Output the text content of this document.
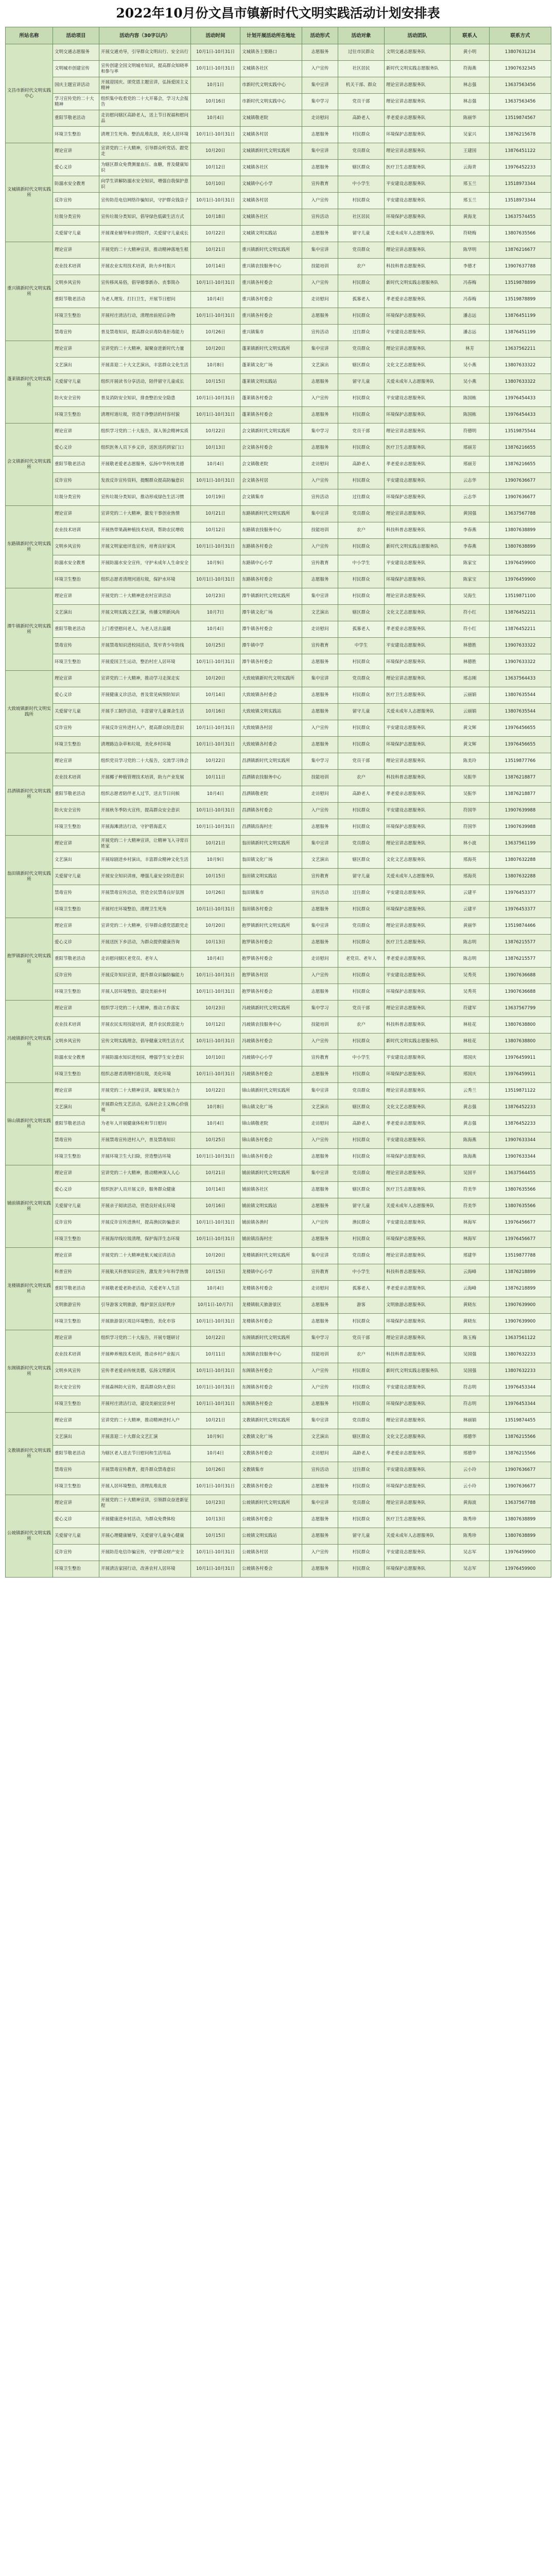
2022年10月份文昌市镇新时代文明实践活动计划安排表
所站名称	活动项目	活动内容（30字以内）	活动时间	计划开展活动所在地址	活动形式	活动对象	活动团队	联系人	联系方式
文昌市新时代文明实践中心	文明交通志愿服务	开展交通劝导，引导群众文明出行、安全出行	10月1日-10月31日	文城镇各主要路口	志愿服务	过往市民群众	文明交通志愿服务队	黄小明	13807631234
	文明城市创建宣传	宣传创建全国文明城市知识，提高群众知晓率和参与率	10月1日-10月31日	文城镇各社区	入户宣传	社区居民	新时代文明实践志愿服务队	符海燕	13907632345
	国庆主题宣讲活动	开展迎国庆、颂党恩主题宣讲，弘扬爱国主义精神	10月1日	市新时代文明实践中心	集中宣讲	机关干部、群众	理论宣讲志愿服务队	林志强	13637563456
	学习宣传党的二十大精神	组织集中收看党的二十大开幕会，学习大会报告	10月16日	市新时代文明实践中心	集中学习	党员干部	理论宣讲志愿服务队	林志强	13637563456
	重阳节敬老活动	走访慰问辖区高龄老人，送上节日祝福和慰问品	10月4日	文城镇敬老院	走访慰问	高龄老人	孝老爱亲志愿服务队	陈丽华	13519874567
	环境卫生整治	清理卫生死角、整治乱堆乱放，美化人居环境	10月1日-10月31日	文城镇各村居	志愿服务	村民群众	环境保护志愿服务队	吴家兴	13876215678
文城镇新时代文明实践所	理论宣讲	宣讲党的二十大精神，引导群众听党话、跟党走	10月20日	文城镇新时代文明实践所	集中宣讲	党员群众	理论宣讲志愿服务队	王建国	13876451122
	爱心义诊	为辖区群众免费测量血压、血糖，普及健康知识	10月12日	文城镇各社区	志愿服务	辖区群众	医疗卫生志愿服务队	云海青	13976452233
	防溺水安全教育	向学生讲解防溺水安全知识，增强自我保护意识	10月10日	文城镇中心小学	宣传教育	中小学生	平安建设志愿服务队	邢玉兰	13518973344
	反诈宣传	宣传防范电信网络诈骗知识，守护群众钱袋子	10月1日-10月31日	文城镇各村居	入户宣传	村民群众	平安建设志愿服务队	邢玉兰	13518973344
	垃圾分类宣传	宣传垃圾分类知识，倡导绿色低碳生活方式	10月18日	文城镇各社区	宣传活动	社区居民	环境保护志愿服务队	黄海龙	13637574455
	关爱留守儿童	开展课业辅导和亲情陪伴，关爱留守儿童成长	10月22日	文城镇文明实践站	志愿服务	留守儿童	关爱未成年人志愿服务队	符晓梅	13807635566
重兴镇新时代文明实践所	理论宣讲	开展党的二十大精神宣讲，推动精神落地生根	10月21日	重兴镇新时代文明实践所	集中宣讲	党员群众	理论宣讲志愿服务队	陈华明	13876216677
	农业技术培训	开展农业实用技术培训，助力乡村振兴	10月14日	重兴镇农技服务中心	技能培训	农户	科技科普志愿服务队	李德才	13907637788
	文明乡风宣传	宣传移风易俗，倡导婚事新办、丧事简办	10月1日-10月31日	重兴镇各村委会	入户宣传	村民群众	新时代文明实践志愿服务队	冯春梅	13519878899
	重阳节敬老活动	为老人理发、打扫卫生，开展节日慰问	10月4日	重兴镇各村委会	走访慰问	孤寡老人	孝老爱亲志愿服务队	冯春梅	13519878899
	环境卫生整治	开展村庄清洁行动，清理房前屋后杂物	10月1日-10月31日	重兴镇各村委会	志愿服务	村民群众	环境保护志愿服务队	潘志远	13876451199
	禁毒宣传	普及禁毒知识，提高群众识毒防毒拒毒能力	10月26日	重兴镇集市	宣传活动	过往群众	平安建设志愿服务队	潘志远	13876451199
蓬莱镇新时代文明实践所	理论宣讲	宣讲党的二十大精神，凝聚奋进新时代力量	10月20日	蓬莱镇新时代文明实践所	集中宣讲	党员群众	理论宣讲志愿服务队	林芳	13637562211
	文艺演出	开展喜迎二十大文艺演出，丰富群众文化生活	10月8日	蓬莱镇文化广场	文艺演出	辖区群众	文化文艺志愿服务队	吴小燕	13807633322
	关爱留守儿童	组织开展读书分享活动，陪伴留守儿童成长	10月15日	蓬莱镇文明实践站	志愿服务	留守儿童	关爱未成年人志愿服务队	吴小燕	13807633322
	防火安全宣传	普及消防安全知识，排查整治安全隐患	10月1日-10月31日	蓬莱镇各村委会	入户宣传	村民群众	平安建设志愿服务队	陈国栋	13976454433
	环境卫生整治	清理村道垃圾，营造干净整洁的村容村貌	10月1日-10月31日	蓬莱镇各村委会	志愿服务	村民群众	环境保护志愿服务队	陈国栋	13976454433
会文镇新时代文明实践所	理论宣讲	组织学习党的二十大报告，深入领会精神实质	10月22日	会文镇新时代文明实践所	集中学习	党员干部	理论宣讲志愿服务队	符德明	13519875544
	爱心义诊	组织医务人员下乡义诊，送医送药到家门口	10月13日	会文镇各村委会	志愿服务	村民群众	医疗卫生志愿服务队	邢丽芳	13876216655
	重阳节敬老活动	开展敬老爱老志愿服务，弘扬中华传统美德	10月4日	会文镇敬老院	走访慰问	高龄老人	孝老爱亲志愿服务队	邢丽芳	13876216655
	反诈宣传	发放反诈宣传资料，提醒群众提高防骗意识	10月1日-10月31日	会文镇各村居	入户宣传	村民群众	平安建设志愿服务队	云志华	13907636677
	垃圾分类宣传	宣传垃圾分类知识，推动形成绿色生活习惯	10月19日	会文镇集市	宣传活动	过往群众	环境保护志愿服务队	云志华	13907636677
东路镇新时代文明实践所	理论宣讲	宣讲党的二十大精神，激发干事创业热情	10月21日	东路镇新时代文明实践所	集中宣讲	党员群众	理论宣讲志愿服务队	黄国强	13637567788
	农业技术培训	开展热带果蔬种植技术培训，帮助农民增收	10月12日	东路镇农技服务中心	技能培训	农户	科技科普志愿服务队	李春燕	13807638899
	文明乡风宣传	开展文明家庭评选宣传，培育良好家风	10月1日-10月31日	东路镇各村委会	入户宣传	村民群众	新时代文明实践志愿服务队	李春燕	13807638899
	防溺水安全教育	开展防溺水安全宣传，守护未成年人生命安全	10月9日	东路镇中心小学	宣传教育	中小学生	平安建设志愿服务队	陈家宝	13976459900
	环境卫生整治	组织志愿者清理河道垃圾，保护水环境	10月1日-10月31日	东路镇各村委会	志愿服务	村民群众	环境保护志愿服务队	陈家宝	13976459900
潭牛镇新时代文明实践所	理论宣讲	开展党的二十大精神进农村宣讲活动	10月23日	潭牛镇新时代文明实践所	集中宣讲	村民群众	理论宣讲志愿服务队	吴海生	13519871100
	文艺演出	开展文明实践文艺汇演，传播文明新风尚	10月7日	潭牛镇文化广场	文艺演出	辖区群众	文化文艺志愿服务队	符小红	13876452211
	重阳节敬老活动	上门看望慰问老人，为老人送去温暖	10月4日	潭牛镇各村委会	走访慰问	孤寡老人	孝老爱亲志愿服务队	符小红	13876452211
	禁毒宣传	开展禁毒知识进校园活动，筑牢青少年防线	10月25日	潭牛镇中学	宣传教育	中学生	平安建设志愿服务队	林德胜	13907633322
	环境卫生整治	开展爱国卫生运动，整治村庄人居环境	10月1日-10月31日	潭牛镇各村委会	志愿服务	村民群众	环境保护志愿服务队	林德胜	13907633322
大致坡镇新时代文明实践所	理论宣讲	宣讲党的二十大精神，推动学习走深走实	10月20日	大致坡镇新时代文明实践所	集中宣讲	党员群众	理论宣讲志愿服务队	邢志刚	13637564433
	爱心义诊	开展健康义诊活动，普及常见病预防知识	10月14日	大致坡镇各村委会	志愿服务	村民群众	医疗卫生志愿服务队	云丽娟	13807635544
	关爱留守儿童	开展手工制作活动，丰富留守儿童课余生活	10月16日	大致坡镇文明实践站	志愿服务	留守儿童	关爱未成年人志愿服务队	云丽娟	13807635544
	反诈宣传	开展反诈宣传进村入户，提高群众防范意识	10月1日-10月31日	大致坡镇各村居	入户宣传	村民群众	平安建设志愿服务队	黄文辉	13976456655
	环境卫生整治	清理路边杂草和垃圾，美化乡村环境	10月1日-10月31日	大致坡镇各村委会	志愿服务	村民群众	环境保护志愿服务队	黄文辉	13976456655
昌洒镇新时代文明实践所	理论宣讲	组织党员学习党的二十大报告，交流学习体会	10月22日	昌洒镇新时代文明实践所	集中学习	党员干部	理论宣讲志愿服务队	陈美玲	13519877766
	农业技术培训	开展椰子种植管理技术培训，助力产业发展	10月11日	昌洒镇农技服务中心	技能培训	农户	科技科普志愿服务队	吴振华	13876218877
	重阳节敬老活动	组织志愿者陪伴老人过节，送去节日问候	10月4日	昌洒镇敬老院	走访慰问	高龄老人	孝老爱亲志愿服务队	吴振华	13876218877
	防火安全宣传	开展秋冬季防火宣传，提高群众安全意识	10月1日-10月31日	昌洒镇各村委会	入户宣传	村民群众	平安建设志愿服务队	符国华	13907639988
	环境卫生整治	开展海滩清洁行动，守护碧海蓝天	10月1日-10月31日	昌洒镇沿海村庄	志愿服务	村民群众	环境保护志愿服务队	符国华	13907639988
翁田镇新时代文明实践所	理论宣讲	开展党的二十大精神宣讲，让精神飞入寻常百姓家	10月21日	翁田镇新时代文明实践所	集中宣讲	党员群众	理论宣讲志愿服务队	林小波	13637561199
	文艺演出	开展琼剧进乡村演出，丰富群众精神文化生活	10月9日	翁田镇文化广场	文艺演出	辖区群众	文化文艺志愿服务队	邢海英	13807632288
	关爱留守儿童	开展安全知识讲座，增强儿童安全防范意识	10月15日	翁田镇文明实践站	宣传教育	留守儿童	关爱未成年人志愿服务队	邢海英	13807632288
	禁毒宣传	开展禁毒宣传活动，营造全民禁毒良好氛围	10月26日	翁田镇集市	宣传活动	过往群众	平安建设志愿服务队	云建平	13976453377
	环境卫生整治	开展村庄环境整治，清理卫生死角	10月1日-10月31日	翁田镇各村委会	志愿服务	村民群众	环境保护志愿服务队	云建平	13976453377
抱罗镇新时代文明实践所	理论宣讲	宣讲党的二十大精神，引导群众感党恩跟党走	10月20日	抱罗镇新时代文明实践所	集中宣讲	党员群众	理论宣讲志愿服务队	黄丽华	13519874466
	爱心义诊	开展送医下乡活动，为群众提供健康咨询	10月13日	抱罗镇各村委会	志愿服务	村民群众	医疗卫生志愿服务队	陈志明	13876215577
	重阳节敬老活动	走访慰问辖区老党员、老年人	10月4日	抱罗镇各村委会	走访慰问	老党员、老年人	孝老爱亲志愿服务队	陈志明	13876215577
	反诈宣传	开展反诈知识宣讲，提升群众识骗防骗能力	10月1日-10月31日	抱罗镇各村居	入户宣传	村民群众	平安建设志愿服务队	吴秀英	13907636688
	环境卫生整治	开展人居环境整治，建设美丽乡村	10月1日-10月31日	抱罗镇各村委会	志愿服务	村民群众	环境保护志愿服务队	吴秀英	13907636688
冯坡镇新时代文明实践所	理论宣讲	组织学习党的二十大精神，推动工作落实	10月23日	冯坡镇新时代文明实践所	集中学习	党员干部	理论宣讲志愿服务队	符建军	13637567799
	农业技术培训	开展农民实用技能培训，提升农民致富能力	10月12日	冯坡镇农技服务中心	技能培训	农户	科技科普志愿服务队	林桂花	13807638800
	文明乡风宣传	宣传文明实践理念，倡导健康文明生活方式	10月1日-10月31日	冯坡镇各村委会	入户宣传	村民群众	新时代文明实践志愿服务队	林桂花	13807638800
	防溺水安全教育	开展防溺水知识进校园，增强学生安全意识	10月10日	冯坡镇中心小学	宣传教育	中小学生	平安建设志愿服务队	邢国庆	13976459911
	环境卫生整治	组织志愿者清理村道垃圾，美化环境	10月1日-10月31日	冯坡镇各村委会	志愿服务	村民群众	环境保护志愿服务队	邢国庆	13976459911
锦山镇新时代文明实践所	理论宣讲	开展党的二十大精神宣讲，凝聚发展合力	10月22日	锦山镇新时代文明实践所	集中宣讲	党员群众	理论宣讲志愿服务队	云秀兰	13519871122
	文艺演出	开展群众性文艺活动，弘扬社会主义核心价值观	10月8日	锦山镇文化广场	文艺演出	辖区群众	文化文艺志愿服务队	黄志强	13876452233
	重阳节敬老活动	为老年人开展健康体检和节日慰问	10月4日	锦山镇敬老院	走访慰问	高龄老人	孝老爱亲志愿服务队	黄志强	13876452233
	禁毒宣传	开展禁毒宣传进村入户，普及禁毒知识	10月25日	锦山镇各村委会	入户宣传	村民群众	平安建设志愿服务队	陈海燕	13907633344
	环境卫生整治	开展环境卫生大扫除，营造整洁环境	10月1日-10月31日	锦山镇各村委会	志愿服务	村民群众	环境保护志愿服务队	陈海燕	13907633344
铺前镇新时代文明实践所	理论宣讲	宣讲党的二十大精神，推动精神深入人心	10月21日	铺前镇新时代文明实践所	集中宣讲	党员群众	理论宣讲志愿服务队	吴国平	13637564455
	爱心义诊	组织医护人员开展义诊，服务群众健康	10月14日	铺前镇各社区	志愿服务	辖区群众	医疗卫生志愿服务队	符美华	13807635566
	关爱留守儿童	开展亲子阅读活动，营造良好成长环境	10月16日	铺前镇文明实践站	志愿服务	留守儿童	关爱未成年人志愿服务队	符美华	13807635566
	反诈宣传	开展反诈宣传进渔村，提高渔民防骗意识	10月1日-10月31日	铺前镇各渔村	入户宣传	渔民群众	平安建设志愿服务队	林海军	13976456677
	环境卫生整治	开展海岸线垃圾清理，保护海洋生态环境	10月1日-10月31日	铺前镇沿海村庄	志愿服务	村民群众	环境保护志愿服务队	林海军	13976456677
龙楼镇新时代文明实践所	理论宣讲	开展党的二十大精神进航天城宣讲活动	10月20日	龙楼镇新时代文明实践所	集中宣讲	党员群众	理论宣讲志愿服务队	邢建华	13519877788
	科普宣传	开展航天科普知识宣传，激发青少年科学热情	10月15日	龙楼镇中心小学	宣传教育	中小学生	科技科普志愿服务队	云海峰	13876218899
	重阳节敬老活动	开展敬老爱老助老活动，关爱老年人生活	10月4日	龙楼镇各村委会	走访慰问	孤寡老人	孝老爱亲志愿服务队	云海峰	13876218899
	文明旅游宣传	引导游客文明旅游，维护景区良好秩序	10月1日-10月7日	龙楼镇航天旅游景区	志愿服务	游客	文明旅游志愿服务队	黄晓东	13907639900
	环境卫生整治	开展旅游景区周边环境整治，美化市容	10月1日-10月31日	龙楼镇各村委会	志愿服务	村民群众	环境保护志愿服务队	黄晓东	13907639900
东阁镇新时代文明实践所	理论宣讲	组织学习党的二十大报告，开展专题研讨	10月22日	东阁镇新时代文明实践所	集中学习	党员干部	理论宣讲志愿服务队	陈玉梅	13637561122
	农业技术培训	开展种养殖技术培训，推动乡村产业振兴	10月11日	东阁镇农技服务中心	技能培训	农户	科技科普志愿服务队	吴国强	13807632233
	文明乡风宣传	宣传孝老爱亲传统美德，弘扬文明新风	10月1日-10月31日	东阁镇各村委会	入户宣传	村民群众	新时代文明实践志愿服务队	吴国强	13807632233
	防火安全宣传	开展森林防火宣传，提高群众防火意识	10月1日-10月31日	东阁镇各村委会	入户宣传	村民群众	平安建设志愿服务队	符志明	13976453344
	环境卫生整治	开展村庄清洁行动，建设美丽宜居乡村	10月1日-10月31日	东阁镇各村委会	志愿服务	村民群众	环境保护志愿服务队	符志明	13976453344
文教镇新时代文明实践所	理论宣讲	宣讲党的二十大精神，推动精神进村入户	10月21日	文教镇新时代文明实践所	集中宣讲	党员群众	理论宣讲志愿服务队	林丽娟	13519874455
	文艺演出	开展喜迎二十大群众文艺汇演	10月9日	文教镇文化广场	文艺演出	辖区群众	文化文艺志愿服务队	邢德华	13876215566
	重阳节敬老活动	为辖区老人送去节日慰问和生活用品	10月4日	文教镇各村委会	走访慰问	高龄老人	孝老爱亲志愿服务队	邢德华	13876215566
	禁毒宣传	开展禁毒宣传教育，提升群众禁毒意识	10月26日	文教镇集市	宣传活动	过往群众	平安建设志愿服务队	云小玲	13907636677
	环境卫生整治	开展人居环境整治，清理乱堆乱放	10月1日-10月31日	文教镇各村委会	志愿服务	村民群众	环境保护志愿服务队	云小玲	13907636677
公坡镇新时代文明实践所	理论宣讲	开展党的二十大精神宣讲，引领群众奋进新征程	10月23日	公坡镇新时代文明实践所	集中宣讲	党员群众	理论宣讲志愿服务队	黄海波	13637567788
	爱心义诊	开展健康进乡村活动，为群众免费体检	10月13日	公坡镇各村委会	志愿服务	村民群众	医疗卫生志愿服务队	陈秀珍	13807638899
	关爱留守儿童	开展心理健康辅导，关爱留守儿童身心健康	10月15日	公坡镇文明实践站	志愿服务	留守儿童	关爱未成年人志愿服务队	陈秀珍	13807638899
	反诈宣传	开展防范电信诈骗宣传，守护群众财产安全	10月1日-10月31日	公坡镇各村居	入户宣传	村民群众	平安建设志愿服务队	吴志军	13976459900
	环境卫生整治	开展清洁家园行动，改善农村人居环境	10月1日-10月31日	公坡镇各村委会	志愿服务	村民群众	环境保护志愿服务队	吴志军	13976459900
